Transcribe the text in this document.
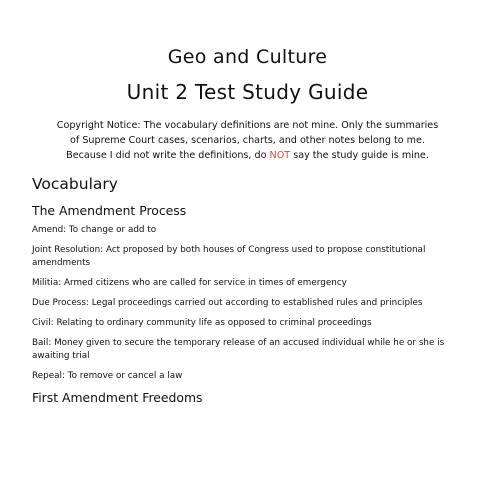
Geo and Culture
Unit 2 Test Study Guide

Copyright Notice: The vocabulary definitions are not mine. Only the summaries of Supreme Court cases, scenarios, charts, and other notes belong to me. Because I did not write the definitions, do NOT say the study guide is mine.

Vocabulary
The Amendment Process

Amend: To change or add to

Joint Resolution: Act proposed by both houses of Congress used to propose constitutional amendments

Militia: Armed citizens who are called for service in times of emergency

Due Process: Legal proceedings carried out according to established rules and principles

Civil: Relating to ordinary community life as opposed to criminal proceedings

Bail: Money given to secure the temporary release of an accused individual while he or she is awaiting trial

Repeal: To remove or cancel a law

First Amendment Freedoms
